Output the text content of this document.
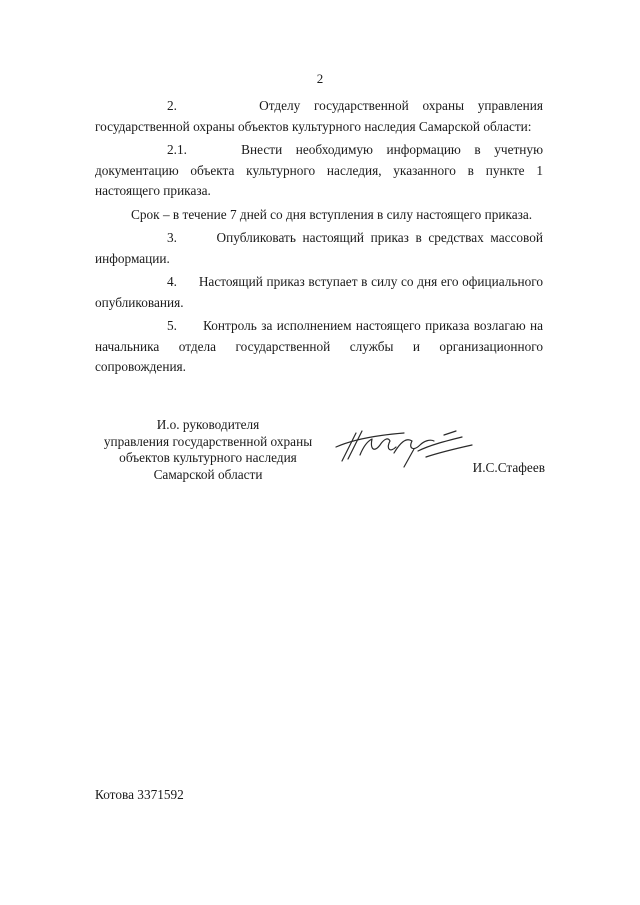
2

2.	Отделу государственной охраны управления государственной охраны объектов культурного наследия Самарской области:

2.1.	Внести необходимую информацию в учетную документацию объекта культурного наследия, указанного в пункте 1 настоящего приказа.

Срок – в течение 7 дней со дня вступления в силу настоящего приказа.

3.	Опубликовать настоящий приказ в средствах массовой информации.

4. Настоящий приказ вступает в силу со дня его официального опубликования.

5. Контроль за исполнением настоящего приказа возлагаю на начальника отдела государственной службы и организационного сопровождения.

И.о. руководителя
управления государственной охраны
объектов культурного наследия
Самарской области	И.С.Стафеев
Котова 3371592
